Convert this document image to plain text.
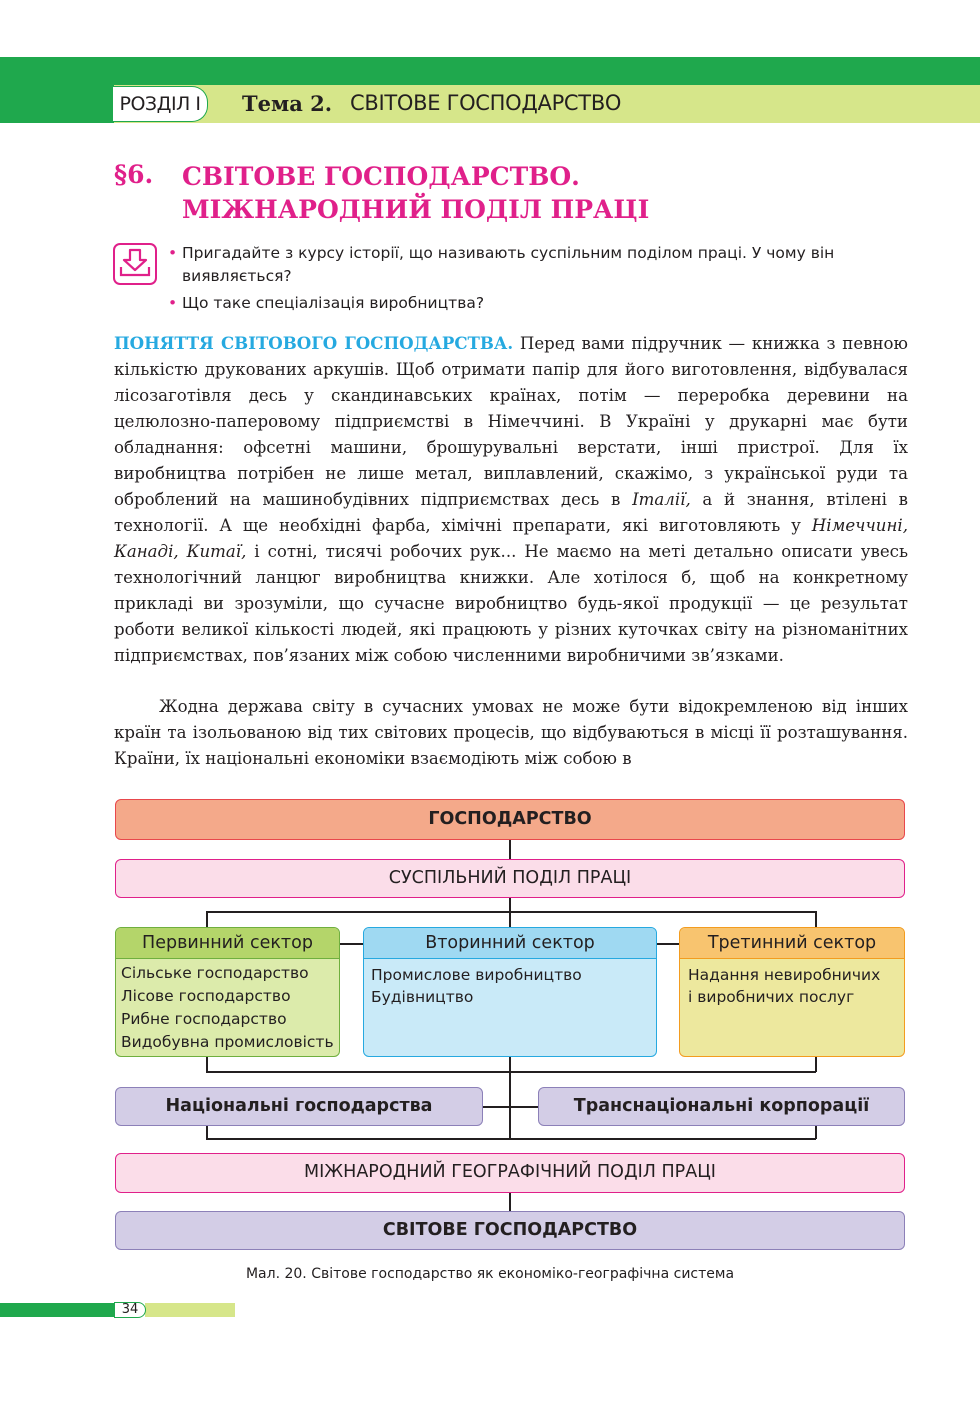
РОЗДІЛ I	Тема 2. СВІТОВЕ ГОСПОДАРСТВО
§6. СВІТОВЕ ГОСПОДАРСТВО.
МІЖНАРОДНИЙ ПОДІЛ ПРАЦІ
• Пригадайте з курсу історії, що називають суспільним поділом праці. У чому він виявляється?
• Що таке спеціалізація виробництва?
ПОНЯТТЯ СВІТОВОГО ГОСПОДАРСТВА. Перед вами підручник — книжка з певною кількістю друкованих аркушів. Щоб отримати папір для його виготовлення, відбувалася лісозаготівля десь у скандинавських країнах, потім — переробка деревини на целюлозно-паперовому підприємстві в Німеччині. В Україні у друкарні має бути обладнання: офсетні машини, брошурувальні верстати, інші пристрої. Для їх виробництва потрібен не лише метал, виплавлений, скажімо, з української руди та оброблений на машинобудівних підприємствах десь в Італії, а й знання, втілені в технології. А ще необхідні фарба, хімічні препарати, які виготовляють у Німеччині, Канаді, Китаї, і сотні, тисячі робочих рук... Не маємо на меті детально описати увесь технологічний ланцюг виробництва книжки. Але хотілося б, щоб на конкретному прикладі ви зрозуміли, що сучасне виробництво будь-якої продукції — це результат роботи великої кількості людей, які працюють у різних куточках світу на різноманітних підприємствах, пов’язаних між собою численними виробничими зв’язками.
Жодна держава світу в сучасних умовах не може бути відокремленою від інших країн та ізольованою від тих світових процесів, що відбуваються в місці її розташування. Країни, їх національні економіки взаємодіють між собою в
ГОСПОДАРСТВО
СУСПІЛЬНИЙ ПОДІЛ ПРАЦІ
Первинний сектор
Сільське господарство
Лісове господарство
Рибне господарство
Видобувна промисловість
Вторинний сектор
Промислове виробництво
Будівництво
Третинний сектор
Надання невиробничих
і виробничих послуг
Національні господарства	Транснаціональні корпорації
МІЖНАРОДНИЙ ГЕОГРАФІЧНИЙ ПОДІЛ ПРАЦІ
СВІТОВЕ ГОСПОДАРСТВО
Мал. 20. Світове господарство як економіко-географічна система
34
